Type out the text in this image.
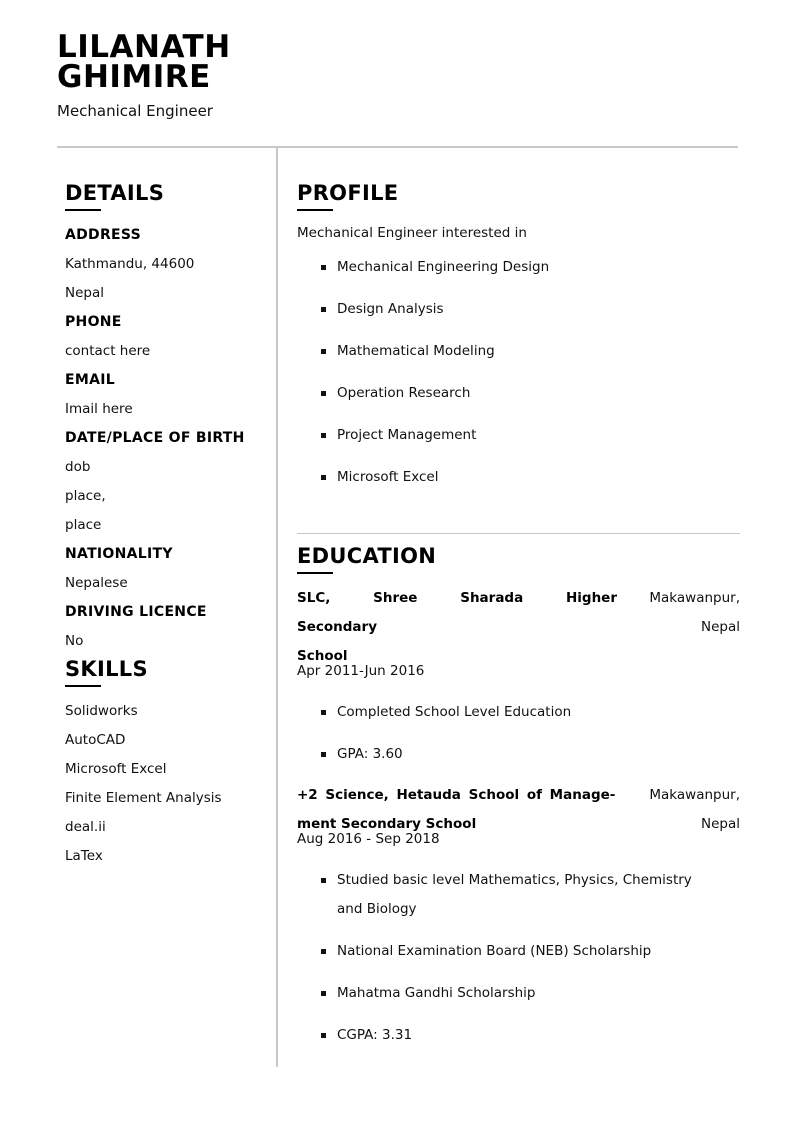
LILANATH
GHIMIRE
Mechanical Engineer
DETAILS
ADDRESS
Kathmandu, 44600
Nepal
PHONE
contact here
EMAIL
Imail here
DATE/PLACE OF BIRTH
dob
place,
place
NATIONALITY
Nepalese
DRIVING LICENCE
No
SKILLS
Solidworks
AutoCAD
Microsoft Excel
Finite Element Analysis
deal.ii
LaTex
PROFILE
Mechanical Engineer interested in
Mechanical Engineering Design
Design Analysis
Mathematical Modeling
Operation Research
Project Management
Microsoft Excel
EDUCATION
SLC, Shree Sharada Higher Secondary
School
Makawanpur,
Nepal
Apr 2011-Jun 2016
Completed School Level Education
GPA: 3.60
+2 Science, Hetauda School of Manage-
ment Secondary School
Makawanpur,
Nepal
Aug 2016 - Sep 2018
Studied basic level Mathematics, Physics, Chemistry and Biology
National Examination Board (NEB) Scholarship
Mahatma Gandhi Scholarship
CGPA: 3.31
